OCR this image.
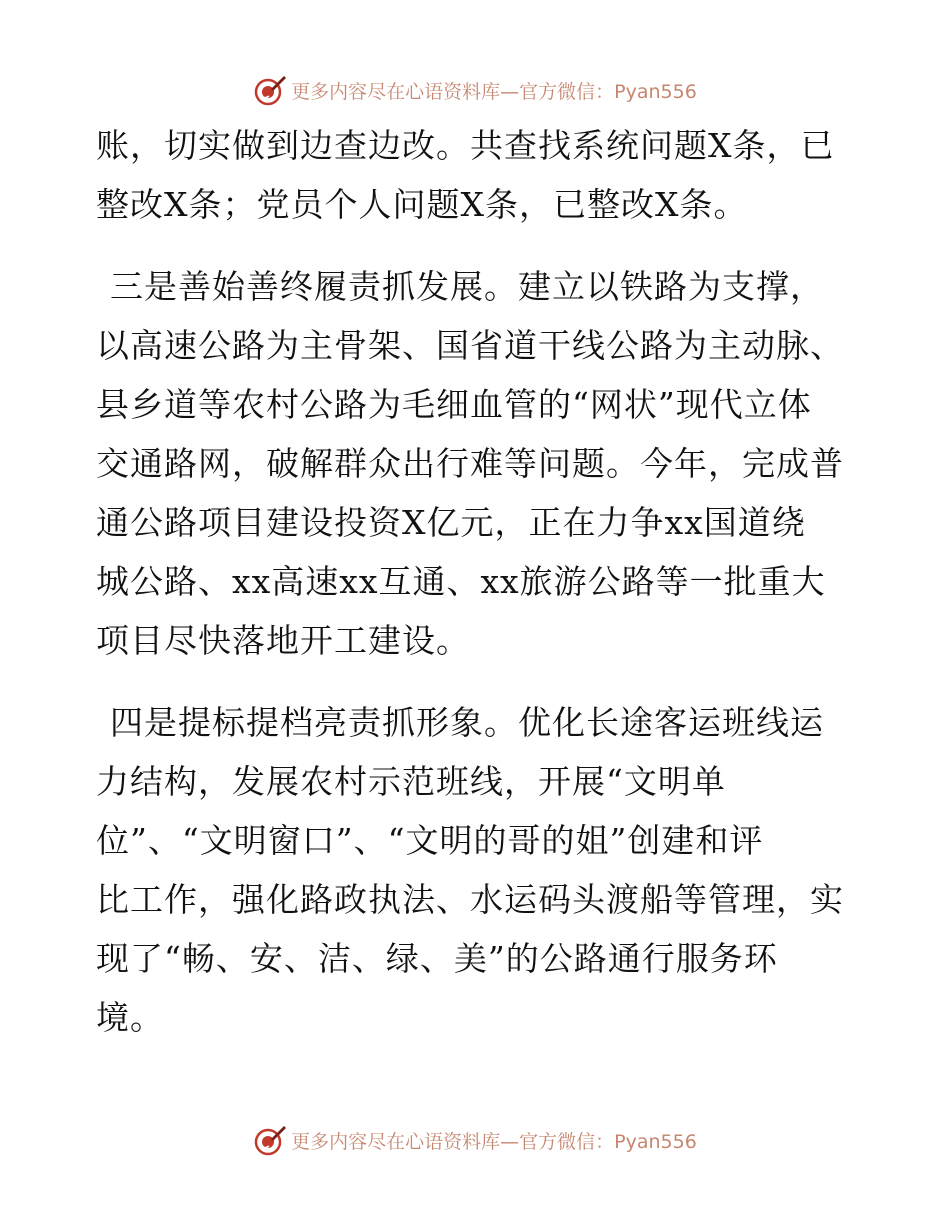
更多内容尽在心语资料库—官方微信：Pyan556
账，切实做到边查边改。共查找系统问题X条，已
整改X条；党员个人问题X条，已整改X条。
三是善始善终履责抓发展。建立以铁路为支撑，
以高速公路为主骨架、国省道干线公路为主动脉、
县乡道等农村公路为毛细血管的“网状”现代立体
交通路网，破解群众出行难等问题。今年，完成普
通公路项目建设投资X亿元，正在力争xx国道绕
城公路、xx高速xx互通、xx旅游公路等一批重大
项目尽快落地开工建设。
四是提标提档亮责抓形象。优化长途客运班线运
力结构，发展农村示范班线，开展“文明单
位”、“文明窗口”、“文明的哥的姐”创建和评
比工作，强化路政执法、水运码头渡船等管理，实
现了“畅、安、洁、绿、美”的公路通行服务环
境。
更多内容尽在心语资料库—官方微信：Pyan556
